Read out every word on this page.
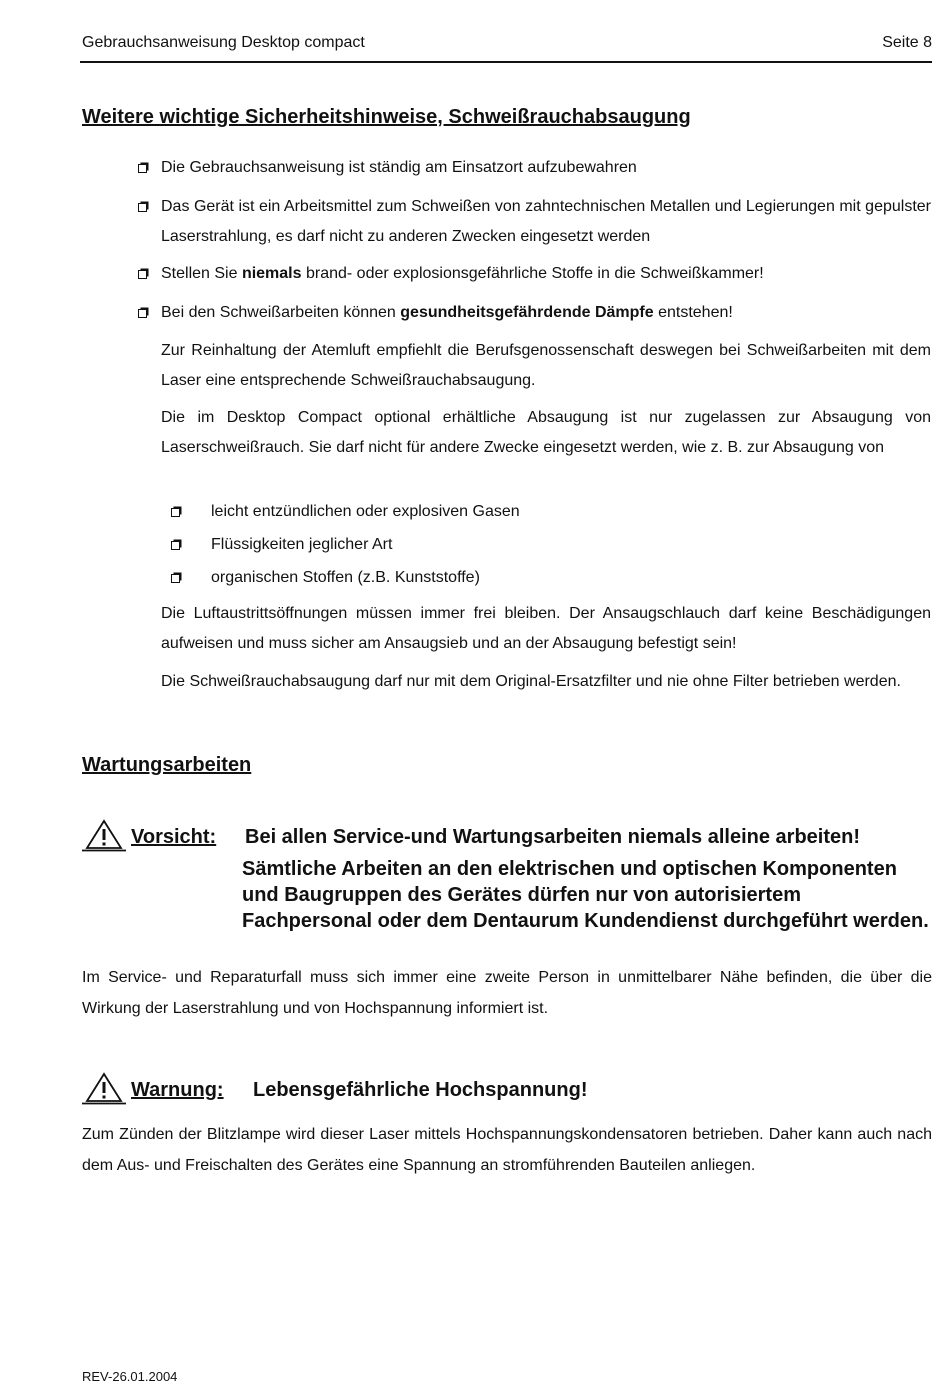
Gebrauchsanweisung Desktop compact	Seite 8
Weitere wichtige Sicherheitshinweise, Schweißrauchabsaugung
Die Gebrauchsanweisung ist ständig am Einsatzort aufzubewahren
Das Gerät ist ein Arbeitsmittel zum Schweißen von zahntechnischen Metallen und Legierungen mit gepulster Laserstrahlung, es darf nicht zu anderen Zwecken eingesetzt werden
Stellen Sie niemals brand- oder explosionsgefährliche Stoffe in die Schweißkammer!
Bei den Schweißarbeiten können gesundheitsgefährdende Dämpfe entstehen!
Zur Reinhaltung der Atemluft empfiehlt die Berufsgenossenschaft deswegen bei Schweißarbeiten mit dem Laser eine entsprechende Schweißrauchabsaugung.
Die im Desktop Compact optional erhältliche Absaugung ist nur zugelassen zur Absaugung von Laserschweißrauch. Sie darf nicht für andere Zwecke eingesetzt werden, wie z. B. zur Absaugung von
leicht entzündlichen oder explosiven Gasen
Flüssigkeiten jeglicher Art
organischen Stoffen (z.B. Kunststoffe)
Die Luftaustrittsöffnungen müssen immer frei bleiben. Der Ansaugschlauch darf keine Beschädigungen aufweisen und muss sicher am Ansaugsieb und an der Absaugung befestigt sein!
Die Schweißrauchabsaugung darf nur mit dem Original-Ersatzfilter und nie ohne Filter betrieben werden.
Wartungsarbeiten
Vorsicht: Bei allen Service-und Wartungsarbeiten niemals alleine arbeiten!
Sämtliche Arbeiten an den elektrischen und optischen Komponenten und Baugruppen des Gerätes dürfen nur von autorisiertem Fachpersonal oder dem Dentaurum Kundendienst durchgeführt werden.
Im Service- und Reparaturfall muss sich immer eine zweite Person in unmittelbarer Nähe befinden, die über die Wirkung der Laserstrahlung und von Hochspannung informiert ist.
Warnung: Lebensgefährliche Hochspannung!
Zum Zünden der Blitzlampe wird dieser Laser mittels Hochspannungskondensatoren betrieben. Daher kann auch nach dem Aus- und Freischalten des Gerätes eine Spannung an stromführenden Bauteilen anliegen.
REV-26.01.2004
